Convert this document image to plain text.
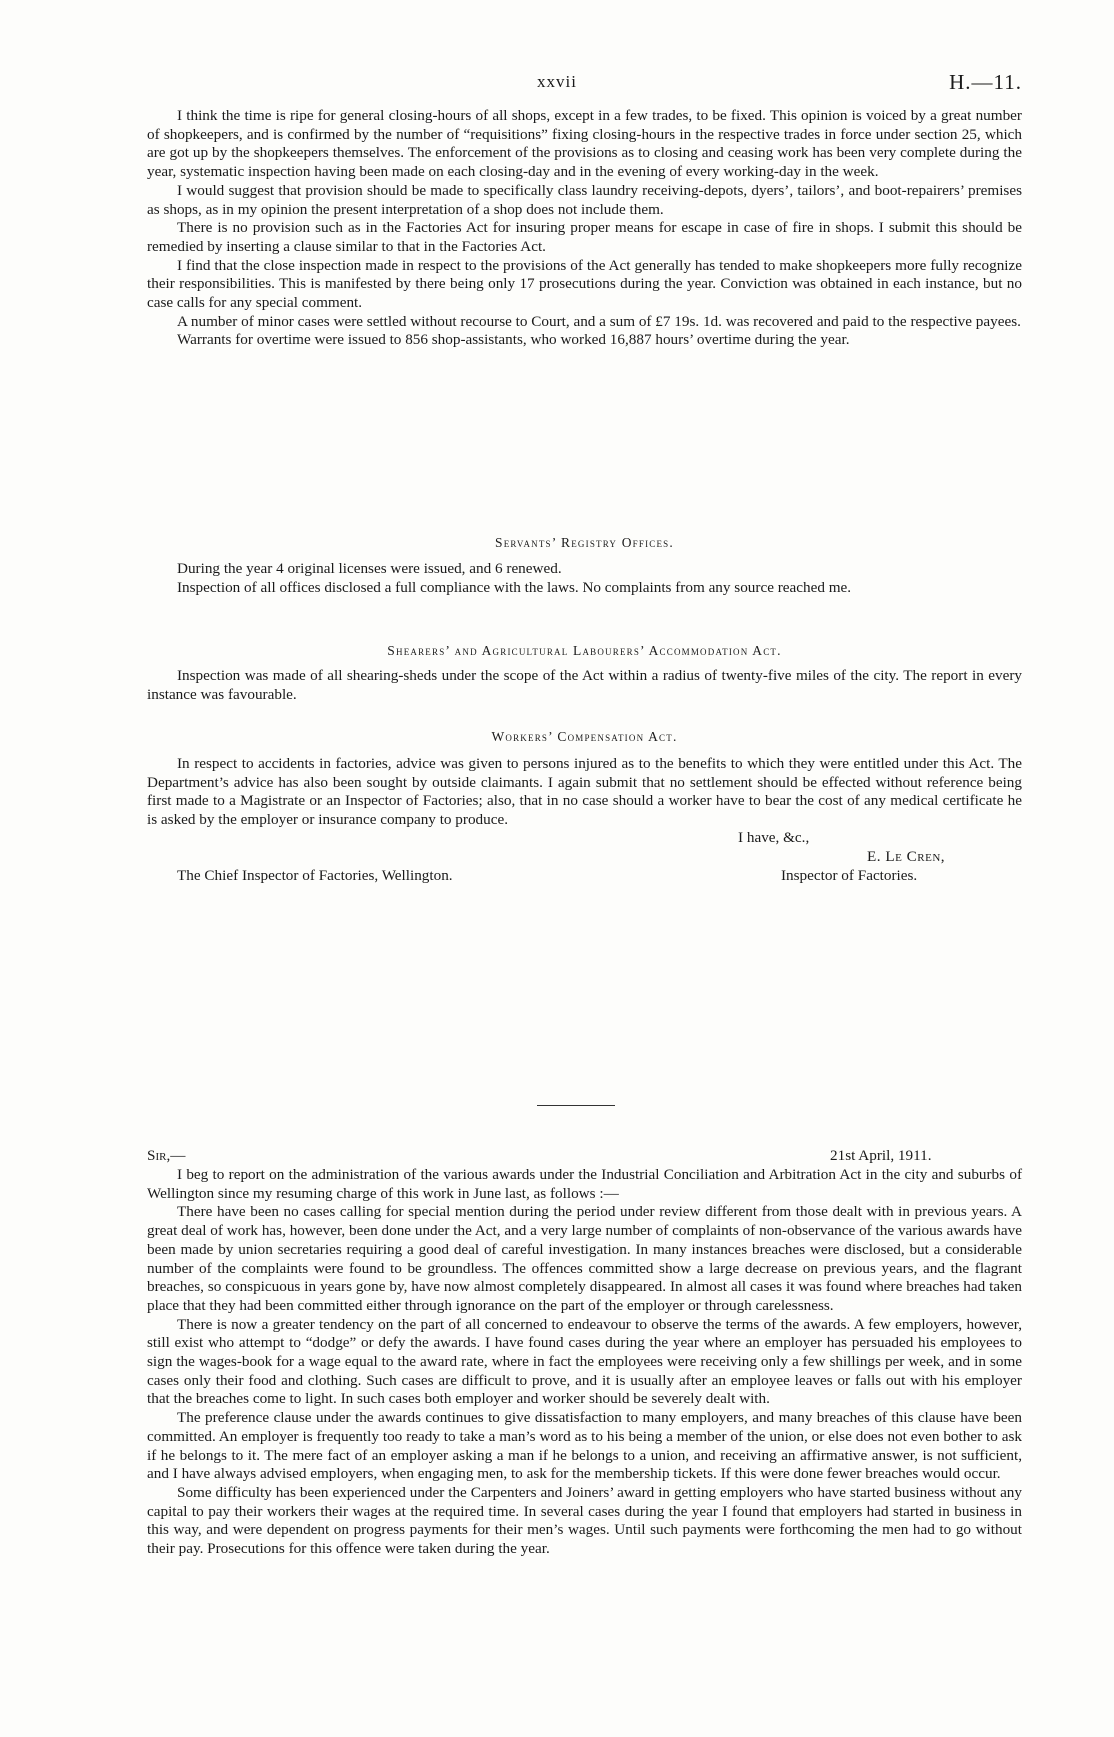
xxvii	H.—11.

I think the time is ripe for general closing-hours of all shops, except in a few trades, to be fixed. This opinion is voiced by a great number of shopkeepers, and is confirmed by the number of “requisitions” fixing closing-hours in the respective trades in force under section 25, which are got up by the shopkeepers themselves. The enforcement of the provisions as to closing and ceasing work has been very complete during the year, systematic inspection having been made on each closing-day and in the evening of every working-day in the week.

I would suggest that provision should be made to specifically class laundry receiving-depots, dyers’, tailors’, and boot-repairers’ premises as shops, as in my opinion the present interpretation of a shop does not include them.

There is no provision such as in the Factories Act for insuring proper means for escape in case of fire in shops. I submit this should be remedied by inserting a clause similar to that in the Factories Act.

I find that the close inspection made in respect to the provisions of the Act generally has tended to make shopkeepers more fully recognize their responsibilities. This is manifested by there being only 17 prosecutions during the year. Conviction was obtained in each instance, but no case calls for any special comment.

A number of minor cases were settled without recourse to Court, and a sum of £7 19s. 1d. was recovered and paid to the respective payees.

Warrants for overtime were issued to 856 shop-assistants, who worked 16,887 hours’ overtime during the year.

Servants’ Registry Offices.

During the year 4 original licenses were issued, and 6 renewed.

Inspection of all offices disclosed a full compliance with the laws. No complaints from any source reached me.

Shearers’ and Agricultural Labourers’ Accommodation Act.

Inspection was made of all shearing-sheds under the scope of the Act within a radius of twenty-five miles of the city. The report in every instance was favourable.

Workers’ Compensation Act.

In respect to accidents in factories, advice was given to persons injured as to the benefits to which they were entitled under this Act. The Department’s advice has also been sought by outside claimants. I again submit that no settlement should be effected without reference being first made to a Magistrate or an Inspector of Factories; also, that in no case should a worker have to bear the cost of any medical certificate he is asked by the employer or insurance company to produce.

I have, &c.,
E. Le Cren,
The Chief Inspector of Factories, Wellington.	Inspector of Factories.
Sir,—	21st April, 1911.

I beg to report on the administration of the various awards under the Industrial Conciliation and Arbitration Act in the city and suburbs of Wellington since my resuming charge of this work in June last, as follows :—

There have been no cases calling for special mention during the period under review different from those dealt with in previous years. A great deal of work has, however, been done under the Act, and a very large number of complaints of non-observance of the various awards have been made by union secretaries requiring a good deal of careful investigation. In many instances breaches were disclosed, but a considerable number of the complaints were found to be groundless. The offences committed show a large decrease on previous years, and the flagrant breaches, so conspicuous in years gone by, have now almost completely disappeared. In almost all cases it was found where breaches had taken place that they had been committed either through ignorance on the part of the employer or through carelessness.

There is now a greater tendency on the part of all concerned to endeavour to observe the terms of the awards. A few employers, however, still exist who attempt to “dodge” or defy the awards. I have found cases during the year where an employer has persuaded his employees to sign the wages-book for a wage equal to the award rate, where in fact the employees were receiving only a few shillings per week, and in some cases only their food and clothing. Such cases are difficult to prove, and it is usually after an employee leaves or falls out with his employer that the breaches come to light. In such cases both employer and worker should be severely dealt with.

The preference clause under the awards continues to give dissatisfaction to many employers, and many breaches of this clause have been committed. An employer is frequently too ready to take a man’s word as to his being a member of the union, or else does not even bother to ask if he belongs to it. The mere fact of an employer asking a man if he belongs to a union, and receiving an affirmative answer, is not sufficient, and I have always advised employers, when engaging men, to ask for the membership tickets. If this were done fewer breaches would occur.

Some difficulty has been experienced under the Carpenters and Joiners’ award in getting employers who have started business without any capital to pay their workers their wages at the required time. In several cases during the year I found that employers had started in business in this way, and were dependent on progress payments for their men’s wages. Until such payments were forthcoming the men had to go without their pay. Prosecutions for this offence were taken during the year.
